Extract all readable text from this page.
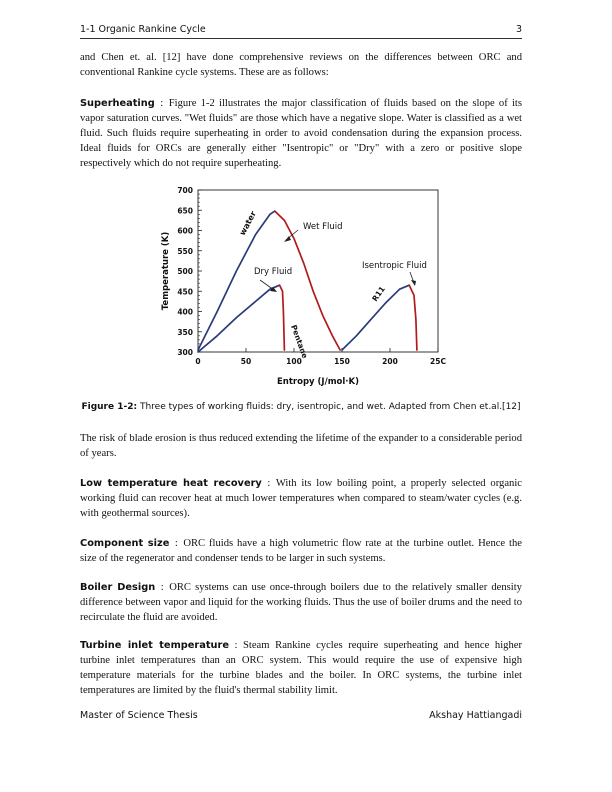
1-1 Organic Rankine Cycle	3

and Chen et. al. [12] have done comprehensive reviews on the differences between ORC and conventional Rankine cycle systems. These are as follows:

Superheating : Figure 1-2 illustrates the major classification of fluids based on the slope of its vapor saturation curves. "Wet fluids" are those which have a negative slope. Water is classified as a wet fluid. Such fluids require superheating in order to avoid condensation during the expansion process. Ideal fluids for ORCs are generally either "Isentropic" or "Dry" with a zero or positive slope respectively which do not require superheating.

300
350
400
450
500
550
600
650
700
0	50	100	150	200	25C
water	Wet Fluid
Dry Fluid
Pentane
R11
Isentropic Fluid
Entropy (J/mol·K)
Temperature (K)
Figure 1-2: Three types of working fluids: dry, isentropic, and wet. Adapted from Chen et.al.[12]

The risk of blade erosion is thus reduced extending the lifetime of the expander to a considerable period of years.

Low temperature heat recovery : With its low boiling point, a properly selected organic working fluid can recover heat at much lower temperatures when compared to steam/water cycles (e.g. with geothermal sources).

Component size : ORC fluids have a high volumetric flow rate at the turbine outlet. Hence the size of the regenerator and condenser tends to be larger in such systems.

Boiler Design : ORC systems can use once-through boilers due to the relatively smaller density difference between vapor and liquid for the working fluids. Thus the use of boiler drums and the need to recirculate the fluid are avoided.

Turbine inlet temperature : Steam Rankine cycles require superheating and hence higher turbine inlet temperatures than an ORC system. This would require the use of expensive high temperature materials for the turbine blades and the boiler. In ORC systems, the turbine inlet temperatures are limited by the fluid's thermal stability limit.

Master of Science Thesis	Akshay Hattiangadi
